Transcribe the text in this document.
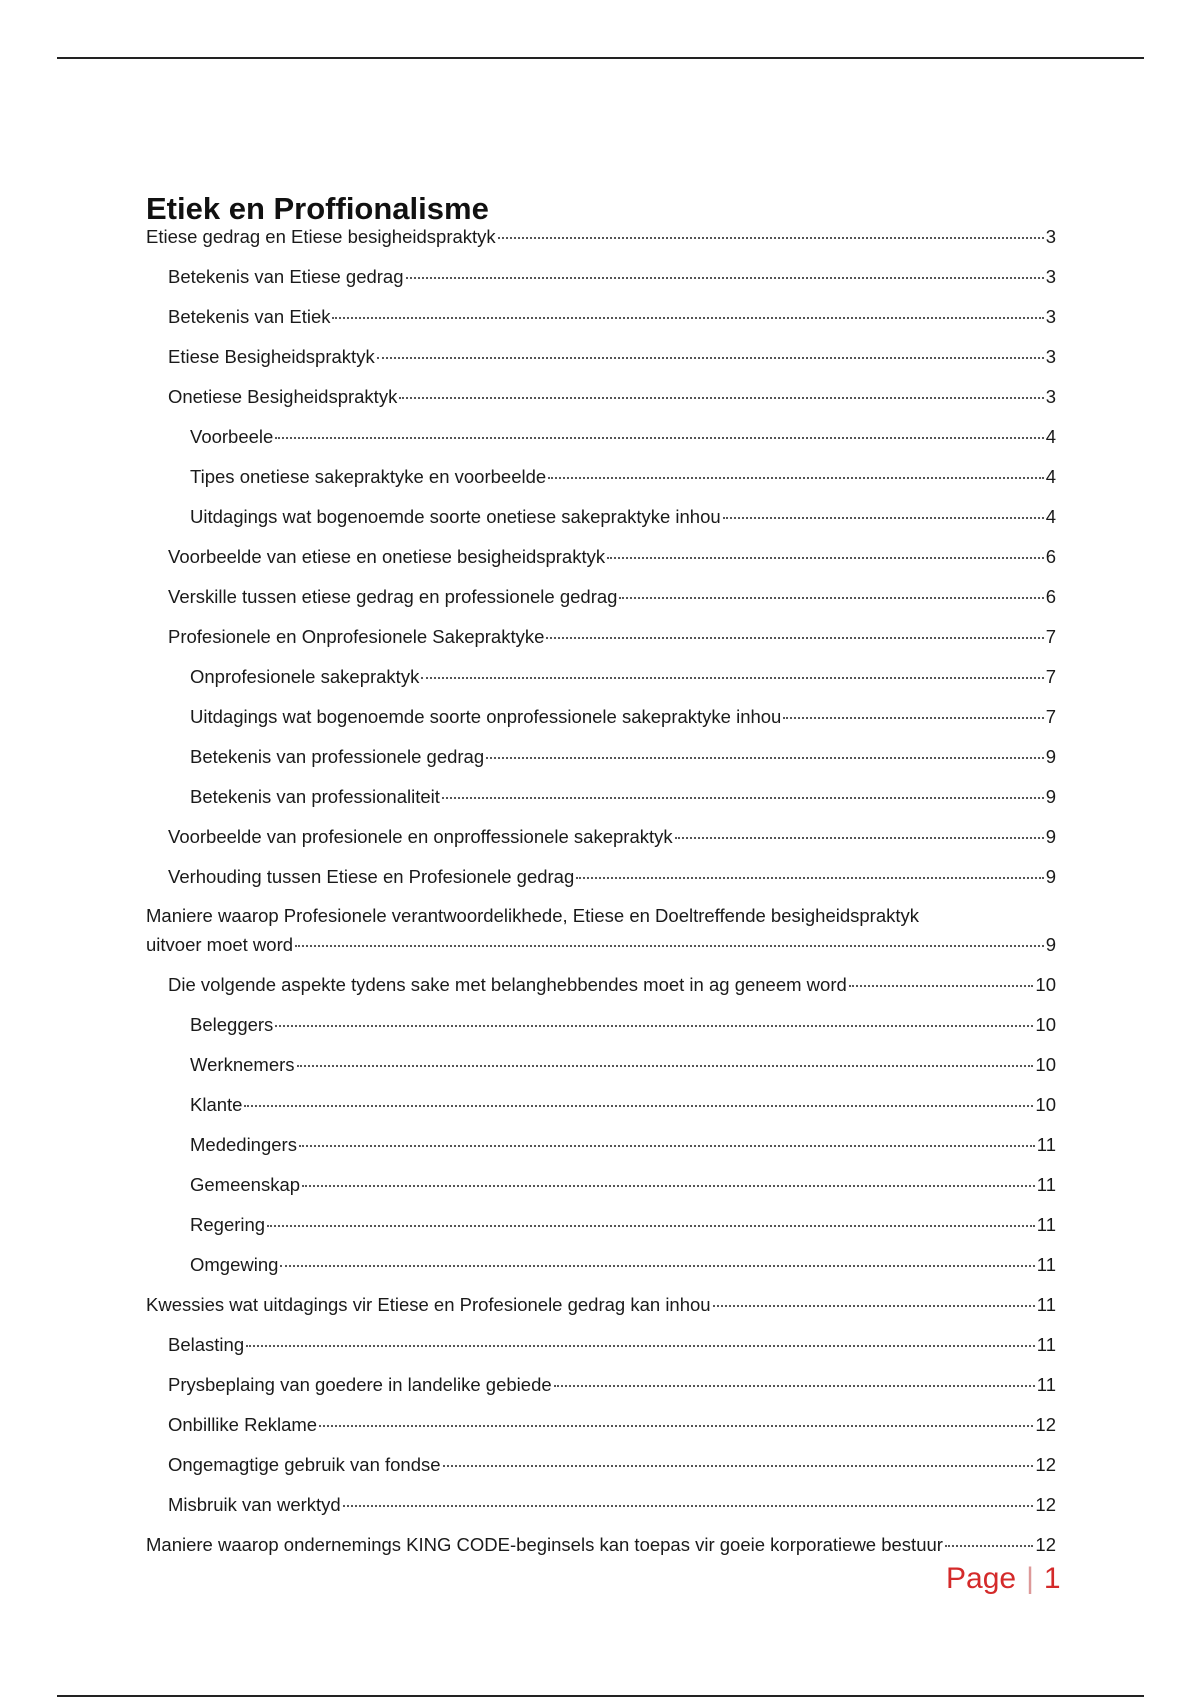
Etiek en Proffionalisme
Etiese gedrag en Etiese besigheidspraktyk	3
Betekenis van Etiese gedrag	3
Betekenis van Etiek	3
Etiese Besigheidspraktyk	3
Onetiese Besigheidspraktyk	3
Voorbeele	4
Tipes onetiese sakepraktyke en voorbeelde	4
Uitdagings wat bogenoemde soorte onetiese sakepraktyke inhou	4
Voorbeelde van etiese en onetiese besigheidspraktyk	6
Verskille tussen etiese gedrag en professionele gedrag	6
Profesionele en Onprofesionele Sakepraktyke	7
Onprofesionele sakepraktyk	7
Uitdagings wat bogenoemde soorte onprofessionele sakepraktyke inhou	7
Betekenis van professionele gedrag	9
Betekenis van professionaliteit	9
Voorbeelde van profesionele en onproffessionele sakepraktyk	9
Verhouding tussen Etiese en Profesionele gedrag	9
Maniere waarop Profesionele verantwoordelikhede, Etiese en Doeltreffende besigheidspraktyk
uitvoer moet word	9
Die volgende aspekte tydens sake met belanghebbendes moet in ag geneem word	10
Beleggers	10
Werknemers	10
Klante	10
Mededingers	11
Gemeenskap	11
Regering	11
Omgewing	11
Kwessies wat uitdagings vir Etiese en Profesionele gedrag kan inhou	11
Belasting	11
Prysbeplaing van goedere in landelike gebiede	11
Onbillike Reklame	12
Ongemagtige gebruik van fondse	12
Misbruik van werktyd	12
Maniere waarop ondernemings KING CODE-beginsels kan toepas vir goeie korporatiewe bestuur	12
Page | 1
